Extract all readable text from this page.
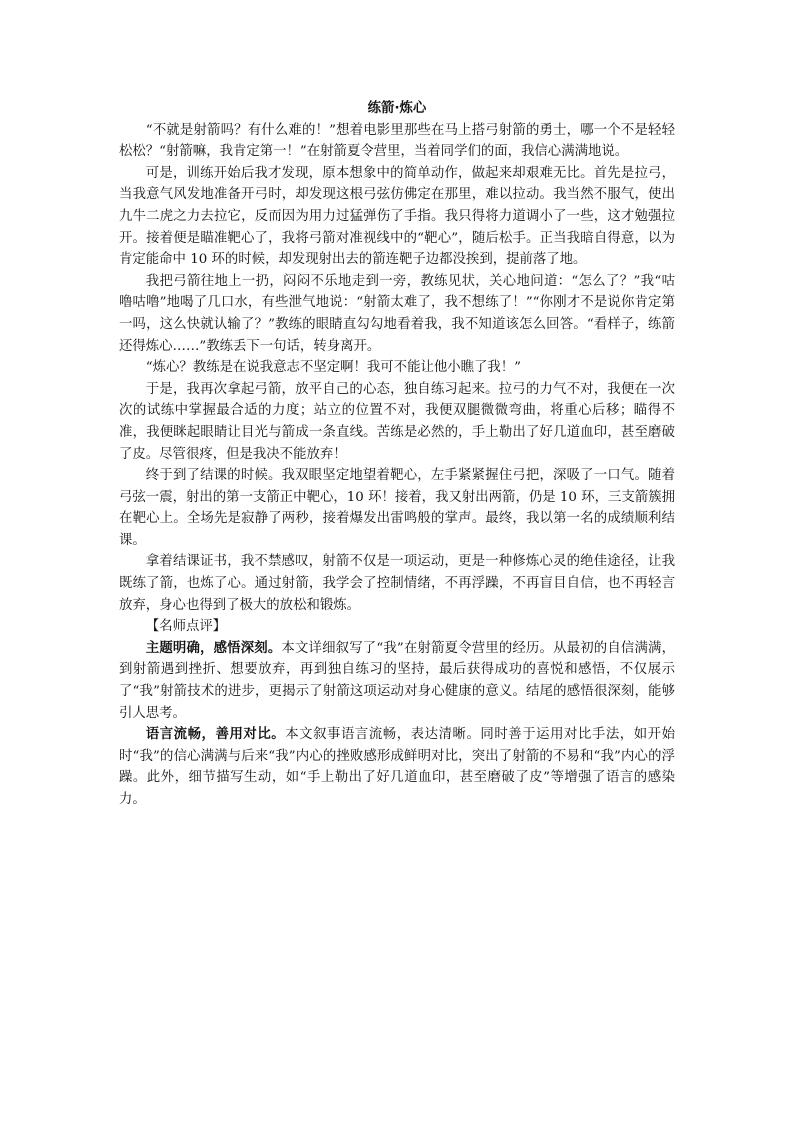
练箭·炼心

“不就是射箭吗？有什么难的！”想着电影里那些在马上搭弓射箭的勇士，哪一个不是轻轻松松？“射箭嘛，我肯定第一！”在射箭夏令营里，当着同学们的面，我信心满满地说。

可是，训练开始后我才发现，原本想象中的简单动作，做起来却艰难无比。首先是拉弓，当我意气风发地准备开弓时，却发现这根弓弦仿佛定在那里，难以拉动。我当然不服气，使出九牛二虎之力去拉它，反而因为用力过猛弹伤了手指。我只得将力道调小了一些，这才勉强拉开。接着便是瞄准靶心了，我将弓箭对准视线中的“靶心”，随后松手。正当我暗自得意，以为肯定能命中 10 环的时候，却发现射出去的箭连靶子边都没挨到，提前落了地。

我把弓箭往地上一扔，闷闷不乐地走到一旁，教练见状，关心地问道：“怎么了？”我“咕噜咕噜”地喝了几口水，有些泄气地说：“射箭太难了，我不想练了！”“你刚才不是说你肯定第一吗，这么快就认输了？”教练的眼睛直勾勾地看着我，我不知道该怎么回答。“看样子，练箭还得炼心……”教练丢下一句话，转身离开。

“炼心？教练是在说我意志不坚定啊！我可不能让他小瞧了我！”

于是，我再次拿起弓箭，放平自己的心态，独自练习起来。拉弓的力气不对，我便在一次次的试练中掌握最合适的力度；站立的位置不对，我便双腿微微弯曲，将重心后移；瞄得不准，我便眯起眼睛让目光与箭成一条直线。苦练是必然的，手上勒出了好几道血印，甚至磨破了皮。尽管很疼，但是我决不能放弃！

终于到了结课的时候。我双眼坚定地望着靶心，左手紧紧握住弓把，深吸了一口气。随着弓弦一震，射出的第一支箭正中靶心，10 环！接着，我又射出两箭，仍是 10 环，三支箭簇拥在靶心上。全场先是寂静了两秒，接着爆发出雷鸣般的掌声。最终，我以第一名的成绩顺利结课。

拿着结课证书，我不禁感叹，射箭不仅是一项运动，更是一种修炼心灵的绝佳途径，让我既练了箭，也炼了心。通过射箭，我学会了控制情绪，不再浮躁，不再盲目自信，也不再轻言放弃，身心也得到了极大的放松和锻炼。

【名师点评】

主题明确，感悟深刻。本文详细叙写了“我”在射箭夏令营里的经历。从最初的自信满满，到射箭遇到挫折、想要放弃，再到独自练习的坚持，最后获得成功的喜悦和感悟，不仅展示了“我”射箭技术的进步，更揭示了射箭这项运动对身心健康的意义。结尾的感悟很深刻，能够引人思考。

语言流畅，善用对比。本文叙事语言流畅，表达清晰。同时善于运用对比手法，如开始时“我”的信心满满与后来“我”内心的挫败感形成鲜明对比，突出了射箭的不易和“我”内心的浮躁。此外，细节描写生动，如“手上勒出了好几道血印，甚至磨破了皮”等增强了语言的感染力。
